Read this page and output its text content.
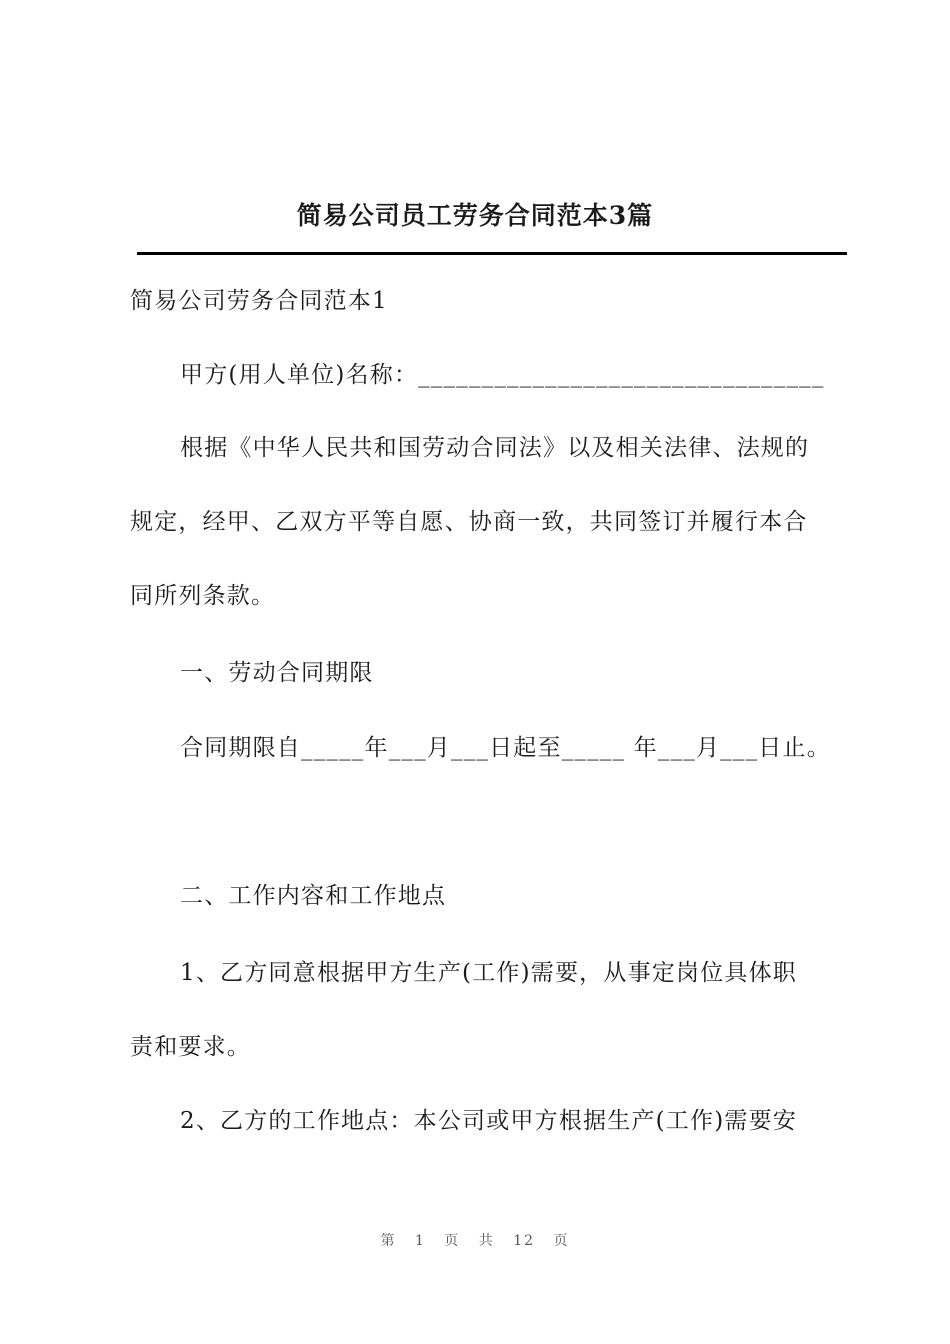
简易公司员工劳务合同范本3篇
简易公司劳务合同范本1
甲方(用人单位)名称：________________________________
根据《中华人民共和国劳动合同法》以及相关法律、法规的
规定，经甲、乙双方平等自愿、协商一致，共同签订并履行本合
同所列条款。
一、劳动合同期限
合同期限自_____年___月___日起至_____ 年___月___日止。
二、工作内容和工作地点
1、乙方同意根据甲方生产(工作)需要，从事定岗位具体职
责和要求。
2、乙方的工作地点：本公司或甲方根据生产(工作)需要安
第 1 页 共 12 页
